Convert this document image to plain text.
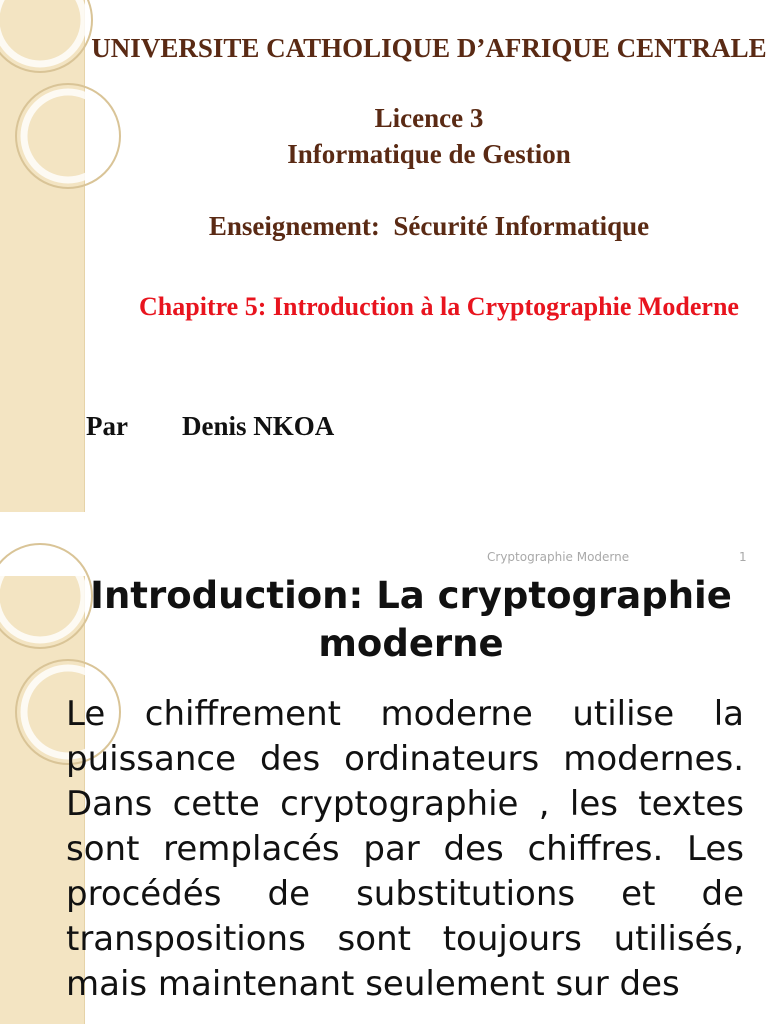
UNIVERSITE CATHOLIQUE D’AFRIQUE CENTRALE
Licence 3
Informatique de Gestion
Enseignement:  Sécurité Informatique
Chapitre 5: Introduction à la Cryptographie Moderne
Par Denis NKOA
Cryptographie Moderne	1
Introduction: La cryptographie moderne
Le chiffrement moderne utilise la puissance des ordinateurs modernes. Dans cette cryptographie , les textes sont remplacés par des chiffres. Les procédés de substitutions et de transpositions sont toujours utilisés, mais maintenant seulement sur des
